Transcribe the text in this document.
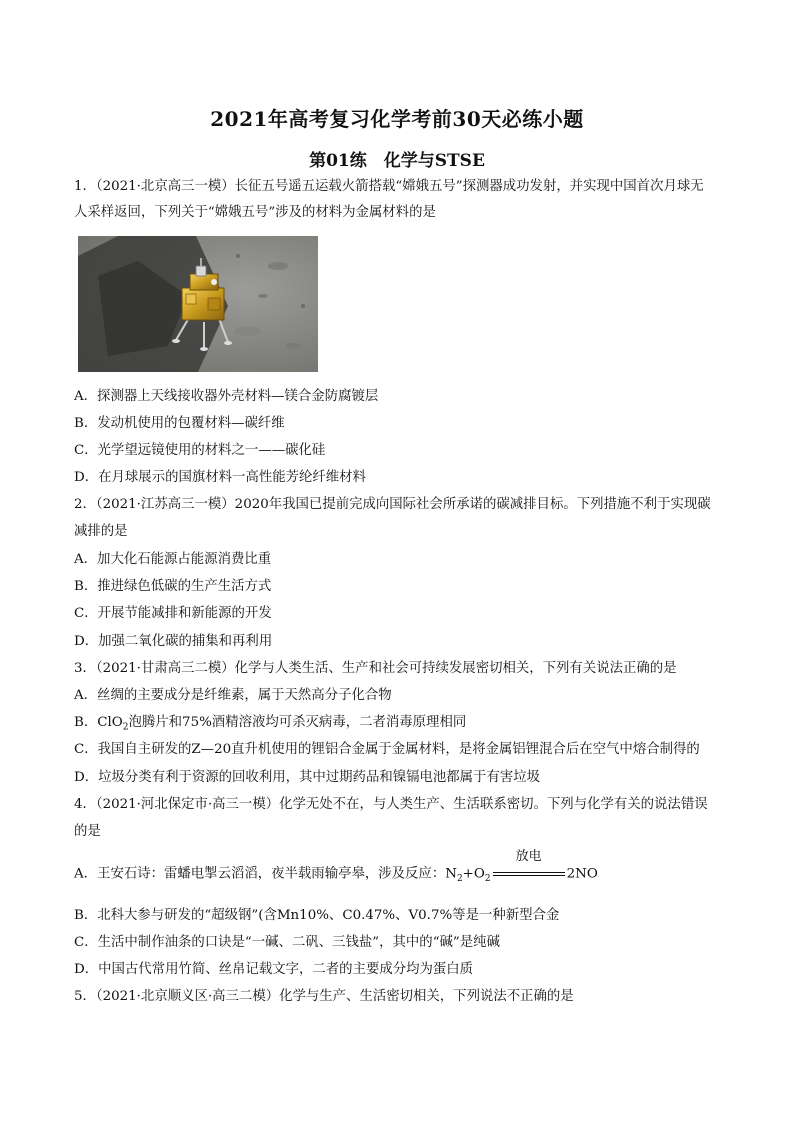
2021年高考复习化学考前30天必练小题
第01练　化学与STSE
1．（2021·北京高三一模）长征五号遥五运载火箭搭载“嫦娥五号”探测器成功发射，并实现中国首次月球无
人采样返回，下列关于“嫦娥五号”涉及的材料为金属材料的是
A．探测器上天线接收器外壳材料—镁合金防腐镀层
B．发动机使用的包覆材料—碳纤维
C．光学望远镜使用的材料之一——碳化硅
D．在月球展示的国旗材料一高性能芳纶纤维材料
2．（2021·江苏高三一模）2020年我国已提前完成向国际社会所承诺的碳减排目标。下列措施不利于实现碳
减排的是
A．加大化石能源占能源消费比重
B．推进绿色低碳的生产生活方式
C．开展节能减排和新能源的开发
D．加强二氧化碳的捕集和再利用
3．（2021·甘肃高三二模）化学与人类生活、生产和社会可持续发展密切相关，下列有关说法正确的是
A．丝绸的主要成分是纤维素，属于天然高分子化合物
B．ClO$_2$泡腾片和75%酒精溶液均可杀灭病毒，二者消毒原理相同
C．我国自主研发的Z—20直升机使用的锂铝合金属于金属材料，是将金属铝锂混合后在空气中熔合制得的
D．垃圾分类有利于资源的回收利用，其中过期药品和镍镉电池都属于有害垃圾
4．（2021·河北保定市·高三一模）化学无处不在，与人类生产、生活联系密切。下列与化学有关的说法错误
的是
A．王安石诗：雷蟠电掣云滔滔，夜半载雨输亭皋，涉及反应：$N_2+O_2$
放电
2NO
B．北科大参与研发的“超级钢”(含Mn10%、C0.47%、V0.7%等是一种新型合金
C．生活中制作油条的口诀是“一碱、二矾、三钱盐”，其中的“碱”是纯碱
D．中国古代常用竹简、丝帛记载文字，二者的主要成分均为蛋白质
5．（2021·北京顺义区·高三二模）化学与生产、生活密切相关，下列说法不正确的是
